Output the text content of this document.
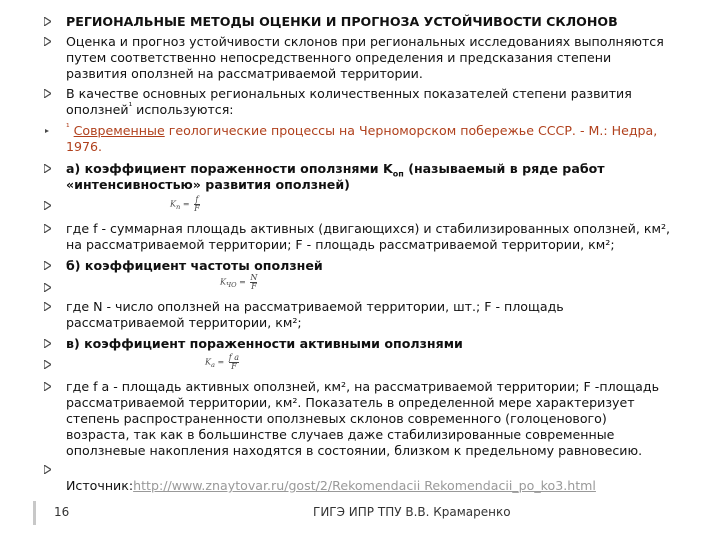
РЕГИОНАЛЬНЫЕ МЕТОДЫ ОЦЕНКИ И ПРОГНОЗА УСТОЙЧИВОСТИ СКЛОНОВ
Оценка и прогноз устойчивости склонов при региональных исследованиях выполняются
путем соответственно непосредственного определения и предсказания степени
развития оползней на рассматриваемой территории.
В качестве основных региональных количественных показателей степени развития
оползней$^{^1}$ используются:
$^{^1}$ Современные геологические процессы на Черноморском побережье СССР. - М.: Недра,
1976.
а) коэффициент пораженности оползнями $K_{оп}$ (называемый в ряде работ
«интенсивностью» развития оползней)
$K_п = \frac{f}{F}$
где f - суммарная площадь активных (двигающихся) и стабилизированных оползней, км²,
на рассматриваемой территории; F - площадь рассматриваемой территории, км²;
б) коэффициент частоты оползней
$K_{ЧО} = \frac{N}{F}$
где N - число оползней на рассматриваемой территории, шт.; F - площадь
рассматриваемой территории, км²;
в) коэффициент пораженности активными оползнями
$K_а = \frac{\text{f a}}{F}$
где f а - площадь активных оползней, км², на рассматриваемой территории; F -площадь
рассматриваемой территории, км². Показатель в определенной мере характеризует
степень распространенности оползневых склонов современного (голоценового)
возраста, так как в большинстве случаев даже стабилизированные современные
оползневые накопления находятся в состоянии, близком к предельному равновесию.
Источник:http://www.znaytovar.ru/gost/2/Rekomendacii Rekomendacii_po_ko3.html
16	ГИГЭ ИПР ТПУ В.В. Крамаренко
